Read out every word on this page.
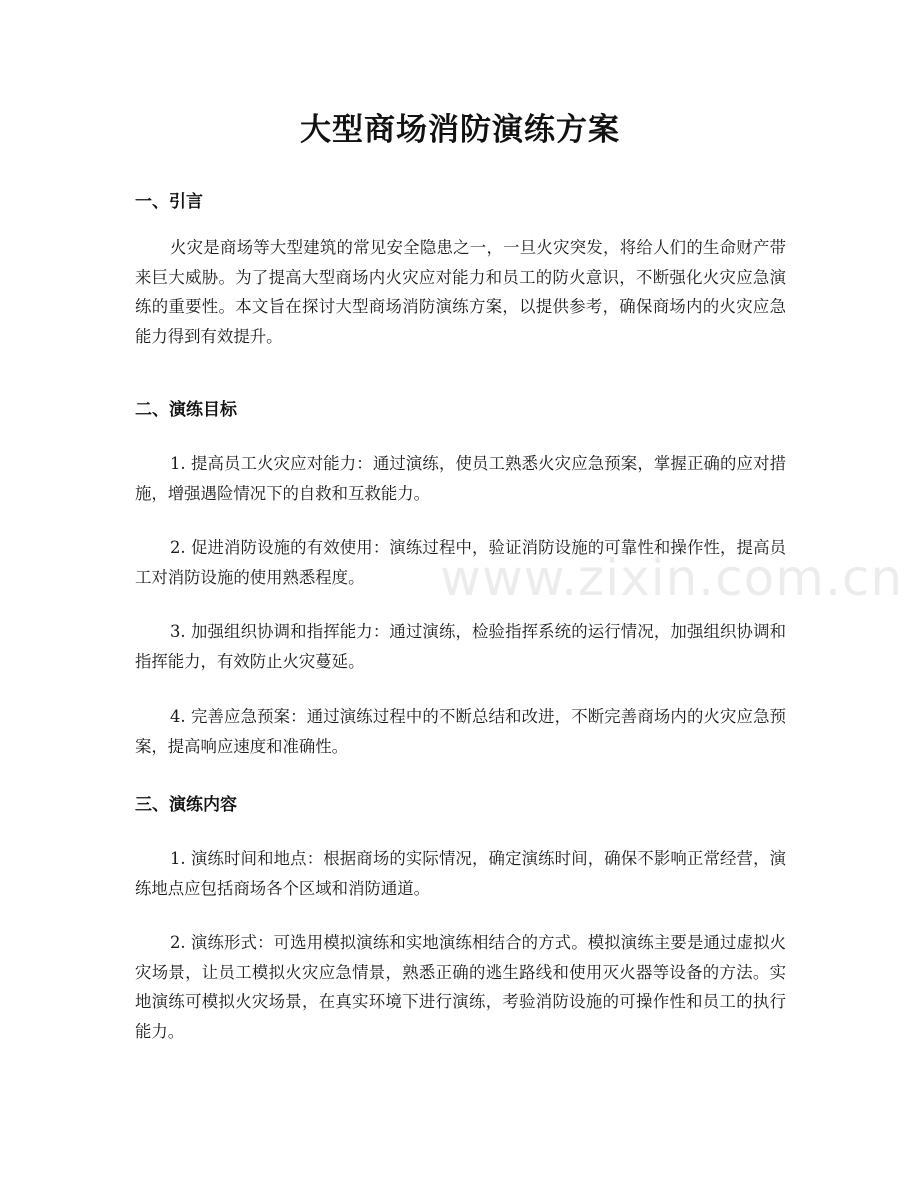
大型商场消防演练方案
一、引言

火灾是商场等大型建筑的常见安全隐患之一，一旦火灾突发，将给人们的生命财产带来巨大威胁。为了提高大型商场内火灾应对能力和员工的防火意识，不断强化火灾应急演练的重要性。本文旨在探讨大型商场消防演练方案，以提供参考，确保商场内的火灾应急能力得到有效提升。

二、演练目标

1. 提高员工火灾应对能力：通过演练，使员工熟悉火灾应急预案，掌握正确的应对措施，增强遇险情况下的自救和互救能力。

2. 促进消防设施的有效使用：演练过程中，验证消防设施的可靠性和操作性，提高员工对消防设施的使用熟悉程度。

3. 加强组织协调和指挥能力：通过演练，检验指挥系统的运行情况，加强组织协调和指挥能力，有效防止火灾蔓延。

4. 完善应急预案：通过演练过程中的不断总结和改进，不断完善商场内的火灾应急预案，提高响应速度和准确性。

三、演练内容

1. 演练时间和地点：根据商场的实际情况，确定演练时间，确保不影响正常经营，演练地点应包括商场各个区域和消防通道。

2. 演练形式：可选用模拟演练和实地演练相结合的方式。模拟演练主要是通过虚拟火灾场景，让员工模拟火灾应急情景，熟悉正确的逃生路线和使用灭火器等设备的方法。实地演练可模拟火灾场景，在真实环境下进行演练，考验消防设施的可操作性和员工的执行能力。

www.zixin.com.cn
